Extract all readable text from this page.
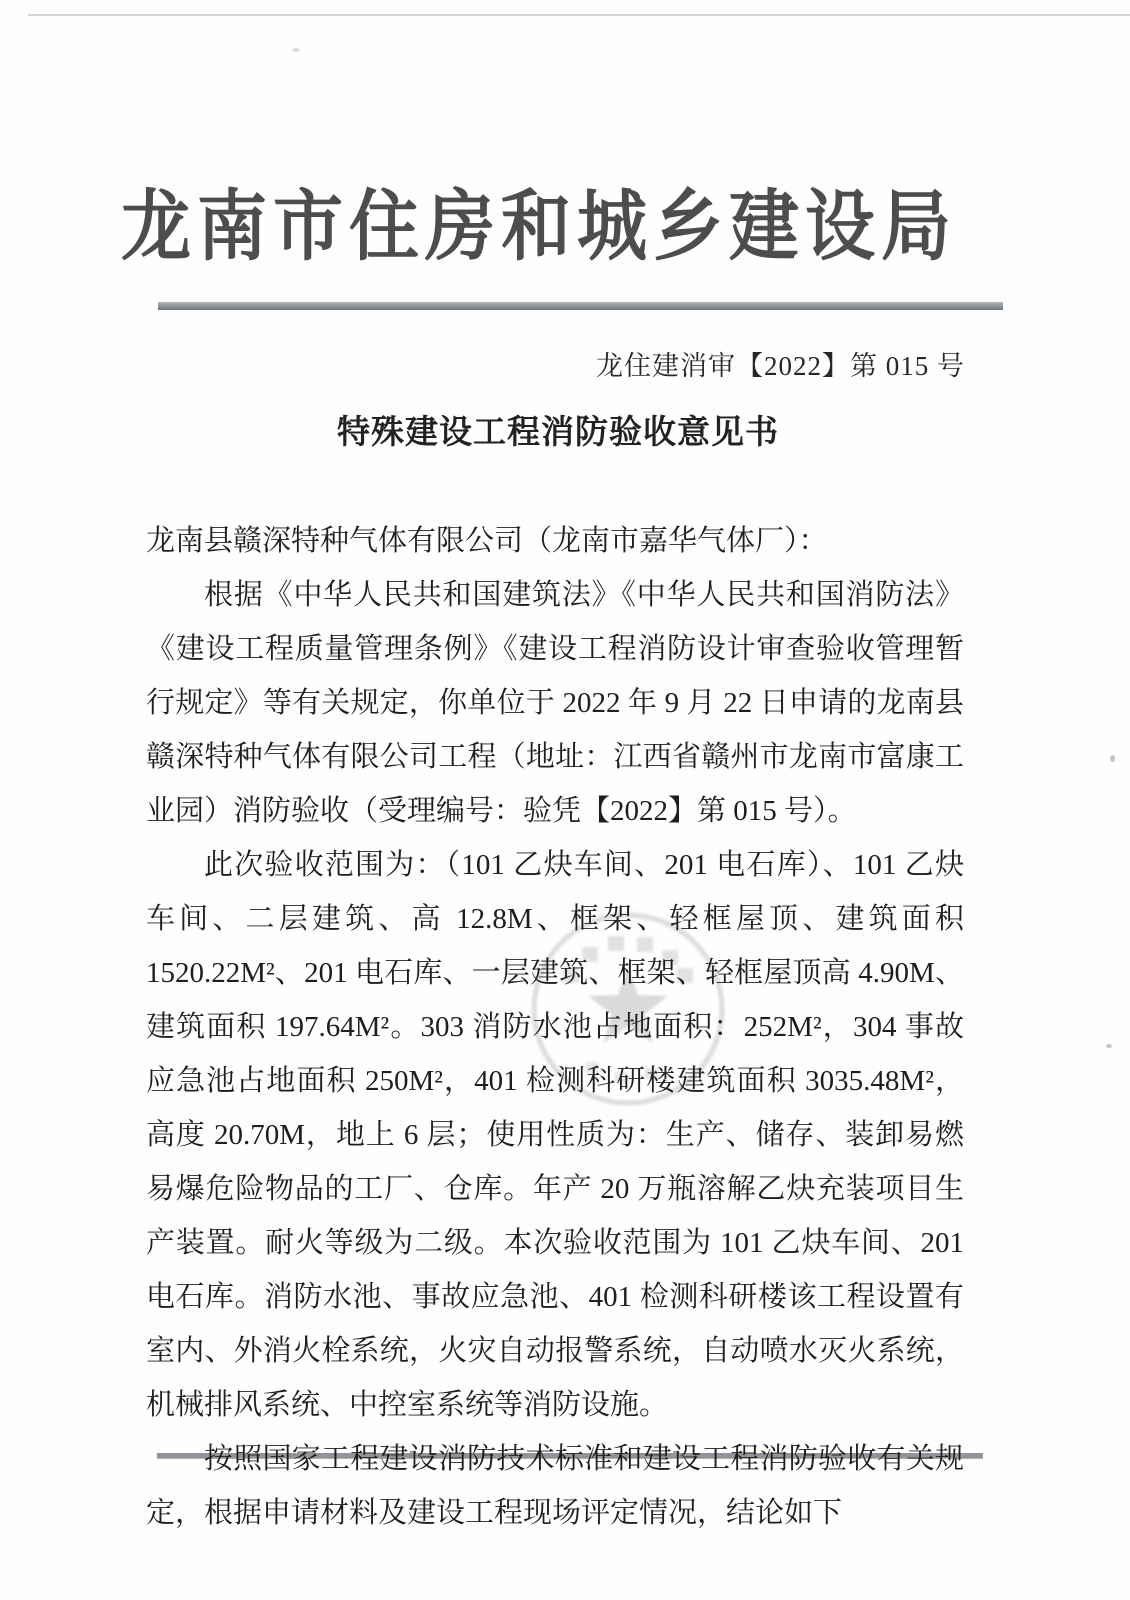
龙南市住房和城乡建设局
龙住建消审【2022】第 015 号
特殊建设工程消防验收意见书

龙南县赣深特种气体有限公司（龙南市嘉华气体厂）：

根据《中华人民共和国建筑法》《中华人民共和国消防法》《建设工程质量管理条例》《建设工程消防设计审查验收管理暂行规定》等有关规定，你单位于 2022 年 9 月 22 日申请的龙南县赣深特种气体有限公司工程（地址：江西省赣州市龙南市富康工业园）消防验收（受理编号：验凭【2022】第 015 号）。

此次验收范围为：（101 乙炔车间、201 电石库）、101 乙炔车间、二层建筑、高 12.8M、框架、轻框屋顶、建筑面积 1520.22M²、201 电石库、一层建筑、框架、轻框屋顶高 4.90M、建筑面积 197.64M²。303 消防水池占地面积：252M²，304 事故应急池占地面积 250M²，401 检测科研楼建筑面积 3035.48M²，高度 20.70M，地上 6 层；使用性质为：生产、储存、装卸易燃易爆危险物品的工厂、仓库。年产 20 万瓶溶解乙炔充装项目生产装置。耐火等级为二级。本次验收范围为 101 乙炔车间、201 电石库。消防水池、事故应急池、401 检测科研楼该工程设置有室内、外消火栓系统，火灾自动报警系统，自动喷水灭火系统，机械排风系统、中控室系统等消防设施。

按照国家工程建设消防技术标准和建设工程消防验收有关规定，根据申请材料及建设工程现场评定情况，结论如下
